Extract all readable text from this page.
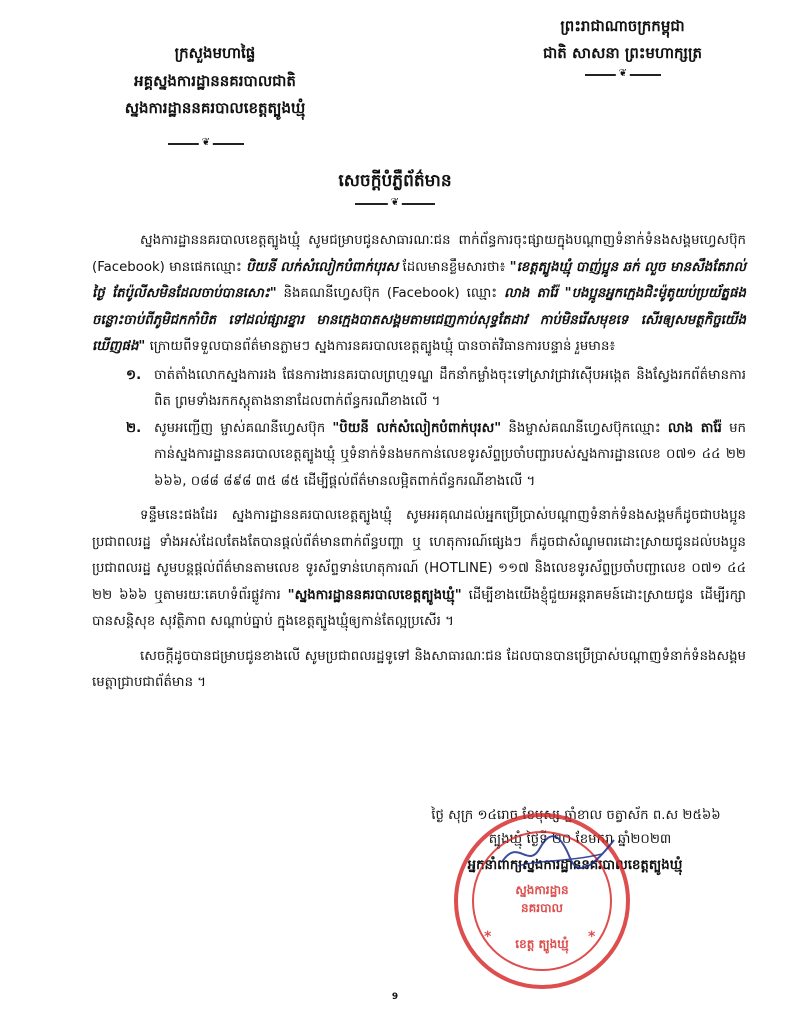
ព្រះរាជាណាចក្រកម្ពុជា
ជាតិ សាសនា ព្រះមហាក្សត្រ
❦
ក្រសួងមហាផ្ទៃ
អគ្គស្នងការដ្ឋាននគរបាលជាតិ
ស្នងការដ្ឋាននគរបាលខេត្តត្បូងឃ្មុំ
❦
សេចក្តីបំភ្លឺព័ត៌មាន
❦

ស្នងការដ្ឋាននគរបាលខេត្តត្បូងឃ្មុំ សូមជម្រាបជូនសាធារណៈជន ពាក់ព័ន្ធការចុះផ្សាយក្នុងបណ្តាញទំនាក់ទំនងសង្គមហ្វេសប៊ុក (Facebook) មានផេកឈ្មោះ បិយនី លក់សំលៀកបំពាក់បុរស ដែលមានខ្លឹមសារថា៖ "ខេត្តត្បូងឃ្មុំ បាញ់ប្អូន ឆក់ លួច មានសឹងតែរាល់ថ្ងៃ តែប៉ូលីសមិនដែលចាប់បានសោះ" និងគណនីហ្វេសប៊ុក (Facebook) ឈ្មោះ លាង តារ៉ែ "បងប្អូនអ្នកក្មេងជិះម៉ូតូយប់ប្រយ័ត្នផង ចន្លោះចាប់ពីភូមិជកកាំបិត ទៅដល់ផ្សារខ្នារ មានក្មេងបាតសង្គមតាមជេញកាប់សុទ្ធតែដាវ កាប់មិនរើសមុខទេ សើរឲ្យសមត្ថកិច្ចយើងឃើញផង" ក្រោយពីទទួលបានព័ត៌មានភ្លាមៗ ស្នងការនគរបាលខេត្តត្បូងឃ្មុំ បានចាត់វិធានការបន្ទាន់ រួមមាន៖

១. ចាត់តាំងលោកស្នងការរង ផែនការងារនគរបាលព្រហ្មទណ្ឌ ដឹកនាំកម្លាំងចុះទៅស្រាវជ្រាវស៊ើបអង្កេត និងស្វែងរកព័ត៌មានការពិត ព្រមទាំងរកកស្តុតាងនានាដែលពាក់ព័ន្ធករណីខាងលើ ។
២. សូមអញ្ជើញ ម្ចាស់គណនីហ្វេសប៊ុក "បិយនី លក់សំលៀកបំពាក់បុរស" និងម្ចាស់គណនីហ្វេសប៊ុកឈ្មោះ លាង តារ៉ែ មកកាន់ស្នងការដ្ឋាននគរបាលខេត្តត្បូងឃ្មុំ ឬទំនាក់ទំនងមកកាន់លេខទូរស័ព្ទប្រចាំបញ្ជារបស់ស្នងការដ្ឋានលេខ ០៧១ ៤៤ ២២ ៦៦៦, ០៨៨ ៨៩៨ ៣៥ ៨៥ ដើម្បីផ្តល់ព័ត៌មានលម្អិតពាក់ព័ន្ធករណីខាងលើ ។

ទន្ទឹមនេះផងដែរ ស្នងការដ្ឋាននគរបាលខេត្តត្បូងឃ្មុំ សូមអរគុណដល់អ្នកប្រើប្រាស់បណ្តាញទំនាក់ទំនងសង្គមក៏ដូចជាបងប្អូនប្រជាពលរដ្ឋ ទាំងអស់ដែលតែងតែបានផ្តល់ព័ត៌មានពាក់ព័ន្ធបញ្ហា ឬ ហេតុការណ៍ផ្សេងៗ ក៏ដូចជាសំណូមពរដោះស្រាយជូនដល់បងប្អូនប្រជាពលរដ្ឋ សូមបន្តផ្តល់ព័ត៌មានតាមលេខ ទូរស័ព្ទទាន់ហេតុការណ៍ (HOTLINE) ១១៧ និងលេខទូរស័ព្ទប្រចាំបញ្ជាលេខ ០៧១ ៤៤ ២២ ៦៦៦ ឬតាមរយៈគេហទំព័រផ្លូវការ "ស្នងការដ្ឋាននគរបាលខេត្តត្បូងឃ្មុំ" ដើម្បីខាងយើងខ្ញុំជួយអន្តរាគមន៍ដោះស្រាយជូន ដើម្បីរក្សាបានសន្តិសុខ សុវត្ថិភាព សណ្តាប់ធ្នាប់ ក្នុងខេត្តត្បូងឃ្មុំឲ្យកាន់តែល្អប្រសើរ ។

សេចក្តីដូចបានជម្រាបជូនខាងលើ សូមប្រជាពលរដ្ឋទូទៅ និងសាធារណៈជន ដែលបានបានប្រើប្រាស់បណ្តាញទំនាក់ទំនងសង្គម មេត្តាជ្រាបជាព័ត៌មាន ។

ថ្ងៃ សុក្រ ១៤រោច ខែបុស្ស ឆ្នាំខាល ចត្វាស័ក ព.ស ២៥៦៦
ត្បូងឃ្មុំ ថ្ងៃទី ២០ ខែមករា ឆ្នាំ២០២៣
អ្នកនាំពាក្យស្នងការដ្ឋាននគរបាលខេត្តត្បូងឃ្មុំ
ស្នងការដ្ឋាន នគរបាល
ខេត្ត ត្បូងឃ្មុំ
*	*
9
